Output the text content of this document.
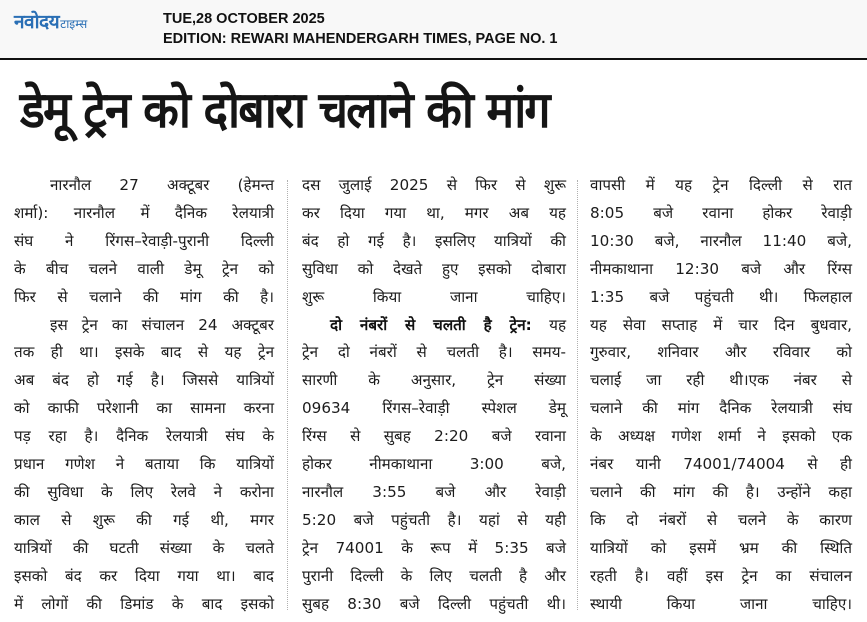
नवोदय टाइम्स	TUE,28 OCTOBER 2025
EDITION: REWARI MAHENDERGARH TIMES, PAGE NO. 1
डेमू ट्रेन को दोबारा चलाने की मांग

नारनौल 27 अक्टूबर (हेमन्त
शर्मा): नारनौल में दैनिक रेलयात्री
संघ ने रिंगस–रेवाड़ी-पुरानी दिल्ली
के बीच चलने वाली डेमू ट्रेन को
फिर से चलाने की मांग की है।

इस ट्रेन का संचालन 24 अक्टूबर
तक ही था। इसके बाद से यह ट्रेन
अब बंद हो गई है। जिससे यात्रियों
को काफी परेशानी का सामना करना
पड़ रहा है। दैनिक रेलयात्री संघ के
प्रधान गणेश ने बताया कि यात्रियों
की सुविधा के लिए रेलवे ने करोना
काल से शुरू की गई थी, मगर
यात्रियों की घटती संख्या के चलते
इसको बंद कर दिया गया था। बाद
में लोगों की डिमांड के बाद इसको

दस जुलाई 2025 से फिर से शुरू
कर दिया गया था, मगर अब यह
बंद हो गई है। इसलिए यात्रियों की
सुविधा को देखते हुए इसको दोबारा
शुरू किया जाना चाहिए।

दो नंबरों से चलती है ट्रेन: यह
ट्रेन दो नंबरों से चलती है। समय-
सारणी के अनुसार, ट्रेन संख्या
09634 रिंगस–रेवाड़ी स्पेशल डेमू
रिंग्स से सुबह 2:20 बजे रवाना
होकर नीमकाथाना 3:00 बजे,
नारनौल 3:55 बजे और रेवाड़ी
5:20 बजे पहुंचती है। यहां से यही
ट्रेन 74001 के रूप में 5:35 बजे
पुरानी दिल्ली के लिए चलती है और
सुबह 8:30 बजे दिल्ली पहुंचती थी।

वापसी में यह ट्रेन दिल्ली से रात
8:05 बजे रवाना होकर रेवाड़ी
10:30 बजे, नारनौल 11:40 बजे,
नीमकाथाना 12:30 बजे और रिंग्स
1:35 बजे पहुंचती थी। फिलहाल
यह सेवा सप्ताह में चार दिन बुधवार,
गुरुवार, शनिवार और रविवार को
चलाई जा रही थी।एक नंबर से
चलाने की मांग दैनिक रेलयात्री संघ
के अध्यक्ष गणेश शर्मा ने इसको एक
नंबर यानी 74001/74004 से ही
चलाने की मांग की है। उन्होंने कहा
कि दो नंबरों से चलने के कारण
यात्रियों को इसमें भ्रम की स्थिति
रहती है। वहीं इस ट्रेन का संचालन
स्थायी किया जाना चाहिए।
